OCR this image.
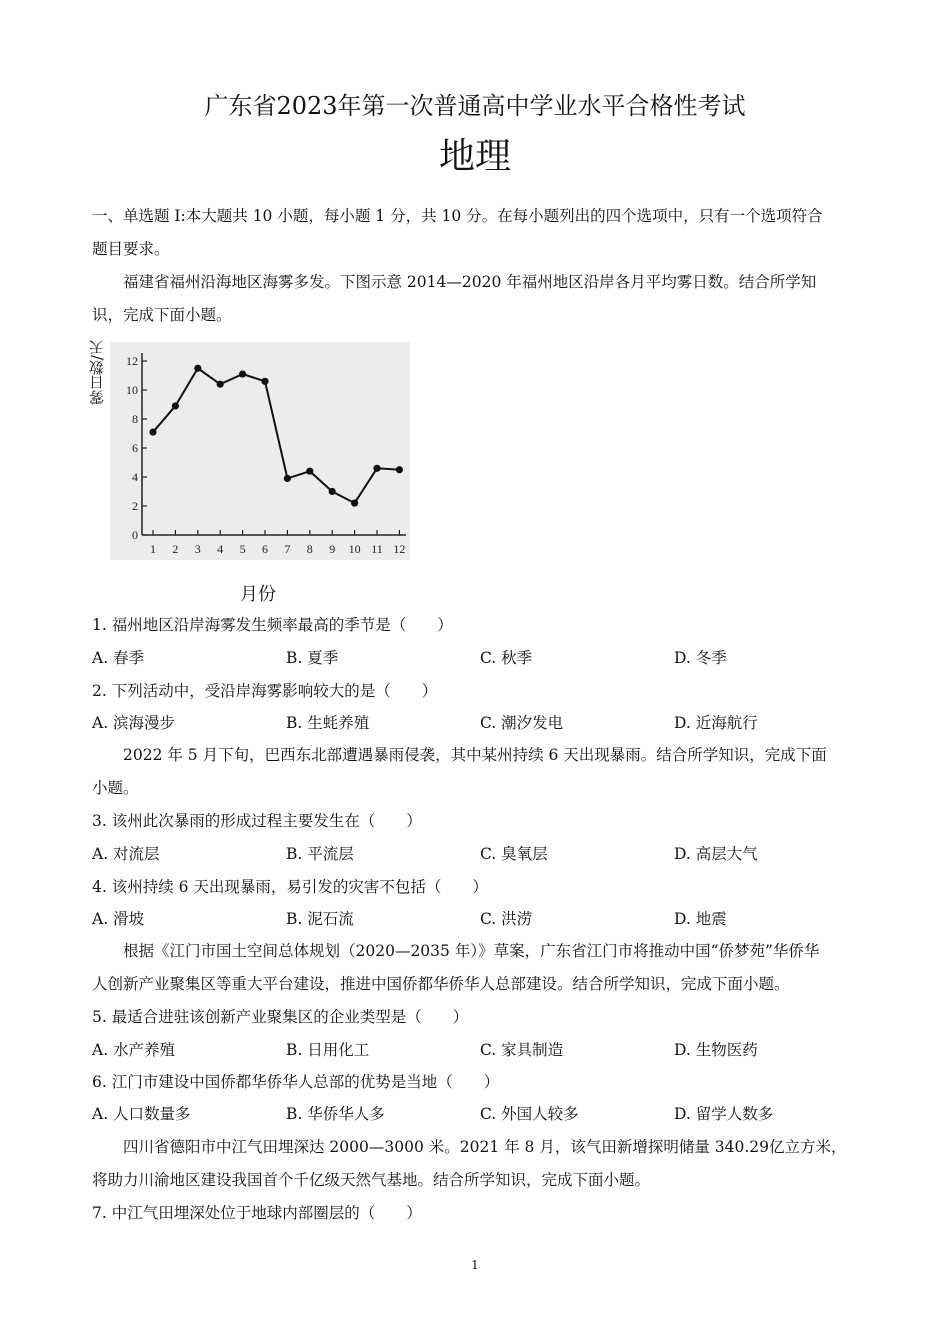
广东省2023年第一次普通高中学业水平合格性考试
地理
一、单选题 I:本大题共 10 小题，每小题 1 分，共 10 分。在每小题列出的四个选项中，只有一个选项符合
题目要求。
福建省福州沿海地区海雾多发。下图示意 2014—2020 年福州地区沿岸各月平均雾日数。结合所学知
识，完成下面小题。
雾日数/天
0
2
4
6
8
10
12
1 2 3 4 5 6 7 8 9 10 11 12
月份
1. 福州地区沿岸海雾发生频率最高的季节是（　　）
A. 春季	B. 夏季	C. 秋季	D. 冬季
2. 下列活动中，受沿岸海雾影响较大的是（　　）
A. 滨海漫步	B. 生蚝养殖	C. 潮汐发电	D. 近海航行
2022 年 5 月下旬，巴西东北部遭遇暴雨侵袭，其中某州持续 6 天出现暴雨。结合所学知识，完成下面
小题。
3. 该州此次暴雨的形成过程主要发生在（　　）
A. 对流层	B. 平流层	C. 臭氧层	D. 高层大气
4. 该州持续 6 天出现暴雨，易引发的灾害不包括（　　）
A. 滑坡	B. 泥石流	C. 洪涝	D. 地震
根据《江门市国土空间总体规划（2020—2035 年）》草案，广东省江门市将推动中国“侨梦苑”华侨华
人创新产业聚集区等重大平台建设，推进中国侨都华侨华人总部建设。结合所学知识，完成下面小题。
5. 最适合进驻该创新产业聚集区的企业类型是（　　）
A. 水产养殖	B. 日用化工	C. 家具制造	D. 生物医药
6. 江门市建设中国侨都华侨华人总部的优势是当地（　　）
A. 人口数量多	B. 华侨华人多	C. 外国人较多	D. 留学人数多
四川省德阳市中江气田埋深达 2000—3000 米。2021 年 8 月，该气田新增探明储量 340.29亿立方米，
将助力川渝地区建设我国首个千亿级天然气基地。结合所学知识，完成下面小题。
7. 中江气田埋深处位于地球内部圈层的（　　）
1
